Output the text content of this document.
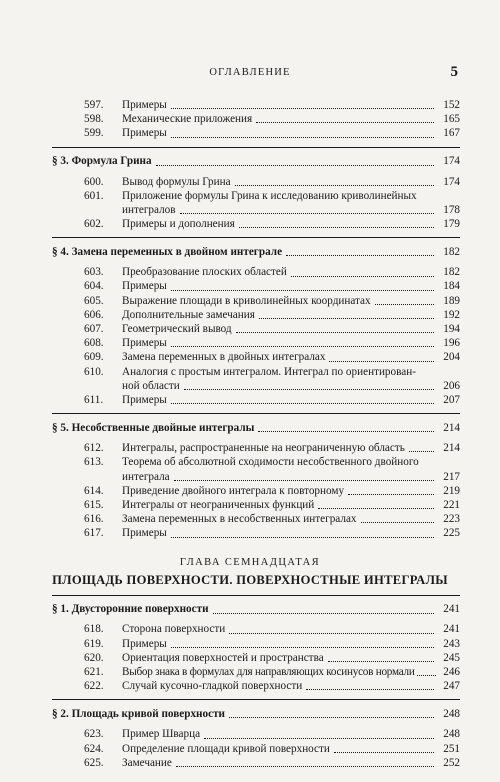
ОГЛАВЛЕНИЕ	5
597.	Примеры	152
598.	Механические приложения	165
599.	Примеры	167
§ 3. Формула Грина	174
600.	Вывод формулы Грина	174
601.	Приложение формулы Грина к исследованию криволинейных
интегралов	178
602.	Примеры и дополнения	179
§ 4. Замена переменных в двойном интеграле	182
603.	Преобразование плоских областей	182
604.	Примеры	184
605.	Выражение площади в криволинейных координатах	189
606.	Дополнительные замечания	192
607.	Геометрический вывод	194
608.	Примеры	196
609.	Замена переменных в двойных интегралах	204
610.	Аналогия с простым интегралом. Интеграл по ориентирован-
ной области	206
611.	Примеры	207
§ 5. Несобственные двойные интегралы	214
612.	Интегралы, распространенные на неограниченную область	214
613.	Теорема об абсолютной сходимости несобственного двойного
интеграла	217
614.	Приведение двойного интеграла к повторному	219
615.	Интегралы от неограниченных функций	221
616.	Замена переменных в несобственных интегралах	223
617.	Примеры	225
ГЛАВА СЕМНАДЦАТАЯ
ПЛОЩАДЬ ПОВЕРХНОСТИ. ПОВЕРХНОСТНЫЕ ИНТЕГРАЛЫ
§ 1. Двусторонние поверхности	241
618.	Сторона поверхности	241
619.	Примеры	243
620.	Ориентация поверхностей и пространства	245
621.	Выбор знака в формулах для направляющих косинусов нормали	246
622.	Случай кусочно-гладкой поверхности	247
§ 2. Площадь кривой поверхности	248
623.	Пример Шварца	248
624.	Определение площади кривой поверхности	251
625.	Замечание	252
